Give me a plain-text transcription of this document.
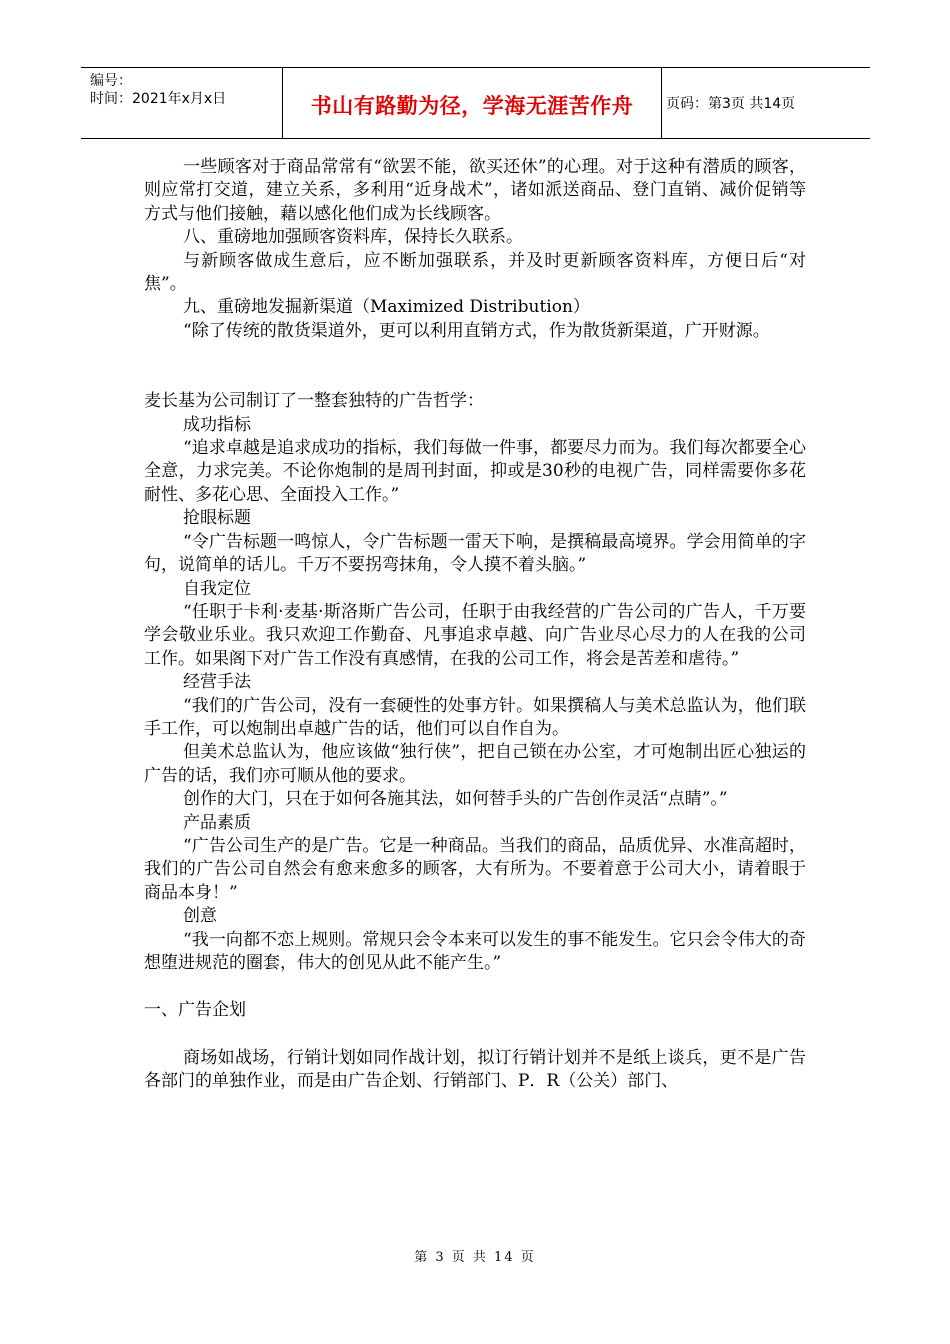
编号：
时间：2021年x月x日	书山有路勤为径，学海无涯苦作舟	页码：第3页 共14页

一些顾客对于商品常常有“欲罢不能，欲买还休”的心理。对于这种有潜质的顾客，则应常打交道，建立关系，多利用“近身战术”，诸如派送商品、登门直销、减价促销等方式与他们接触，藉以感化他们成为长线顾客。

八、重磅地加强顾客资料库，保持长久联系。

与新顾客做成生意后，应不断加强联系，并及时更新顾客资料库，方便日后“对焦”。

九、重磅地发掘新渠道（Maximized Distribution）

“除了传统的散货渠道外，更可以利用直销方式，作为散货新渠道，广开财源。

麦长基为公司制订了一整套独特的广告哲学：

成功指标

“追求卓越是追求成功的指标，我们每做一件事，都要尽力而为。我们每次都要全心全意，力求完美。不论你炮制的是周刊封面，抑或是30秒的电视广告，同样需要你多花耐性、多花心思、全面投入工作。”

抢眼标题

“令广告标题一鸣惊人，令广告标题一雷天下响，是撰稿最高境界。学会用简单的字句，说简单的话儿。千万不要拐弯抹角，令人摸不着头脑。”

自我定位

“任职于卡利·麦基·斯洛斯广告公司，任职于由我经营的广告公司的广告人，千万要学会敬业乐业。我只欢迎工作勤奋、凡事追求卓越、向广告业尽心尽力的人在我的公司工作。如果阁下对广告工作没有真感情，在我的公司工作，将会是苦差和虐待。”

经营手法

“我们的广告公司，没有一套硬性的处事方针。如果撰稿人与美术总监认为，他们联手工作，可以炮制出卓越广告的话，他们可以自作自为。

但美术总监认为，他应该做“独行侠”，把自己锁在办公室，才可炮制出匠心独运的广告的话，我们亦可顺从他的要求。

创作的大门，只在于如何各施其法，如何替手头的广告创作灵活“点睛”。”

产品素质

“广告公司生产的是广告。它是一种商品。当我们的商品，品质优异、水准高超时，我们的广告公司自然会有愈来愈多的顾客，大有所为。不要着意于公司大小，请着眼于商品本身！”

创意

“我一向都不恋上规则。常规只会令本来可以发生的事不能发生。它只会令伟大的奇想堕进规范的圈套，伟大的创见从此不能产生。”

一、广告企划

商场如战场，行销计划如同作战计划，拟订行销计划并不是纸上谈兵，更不是广告各部门的单独作业，而是由广告企划、行销部门、P．R（公关）部门、

第 3 页 共 14 页
